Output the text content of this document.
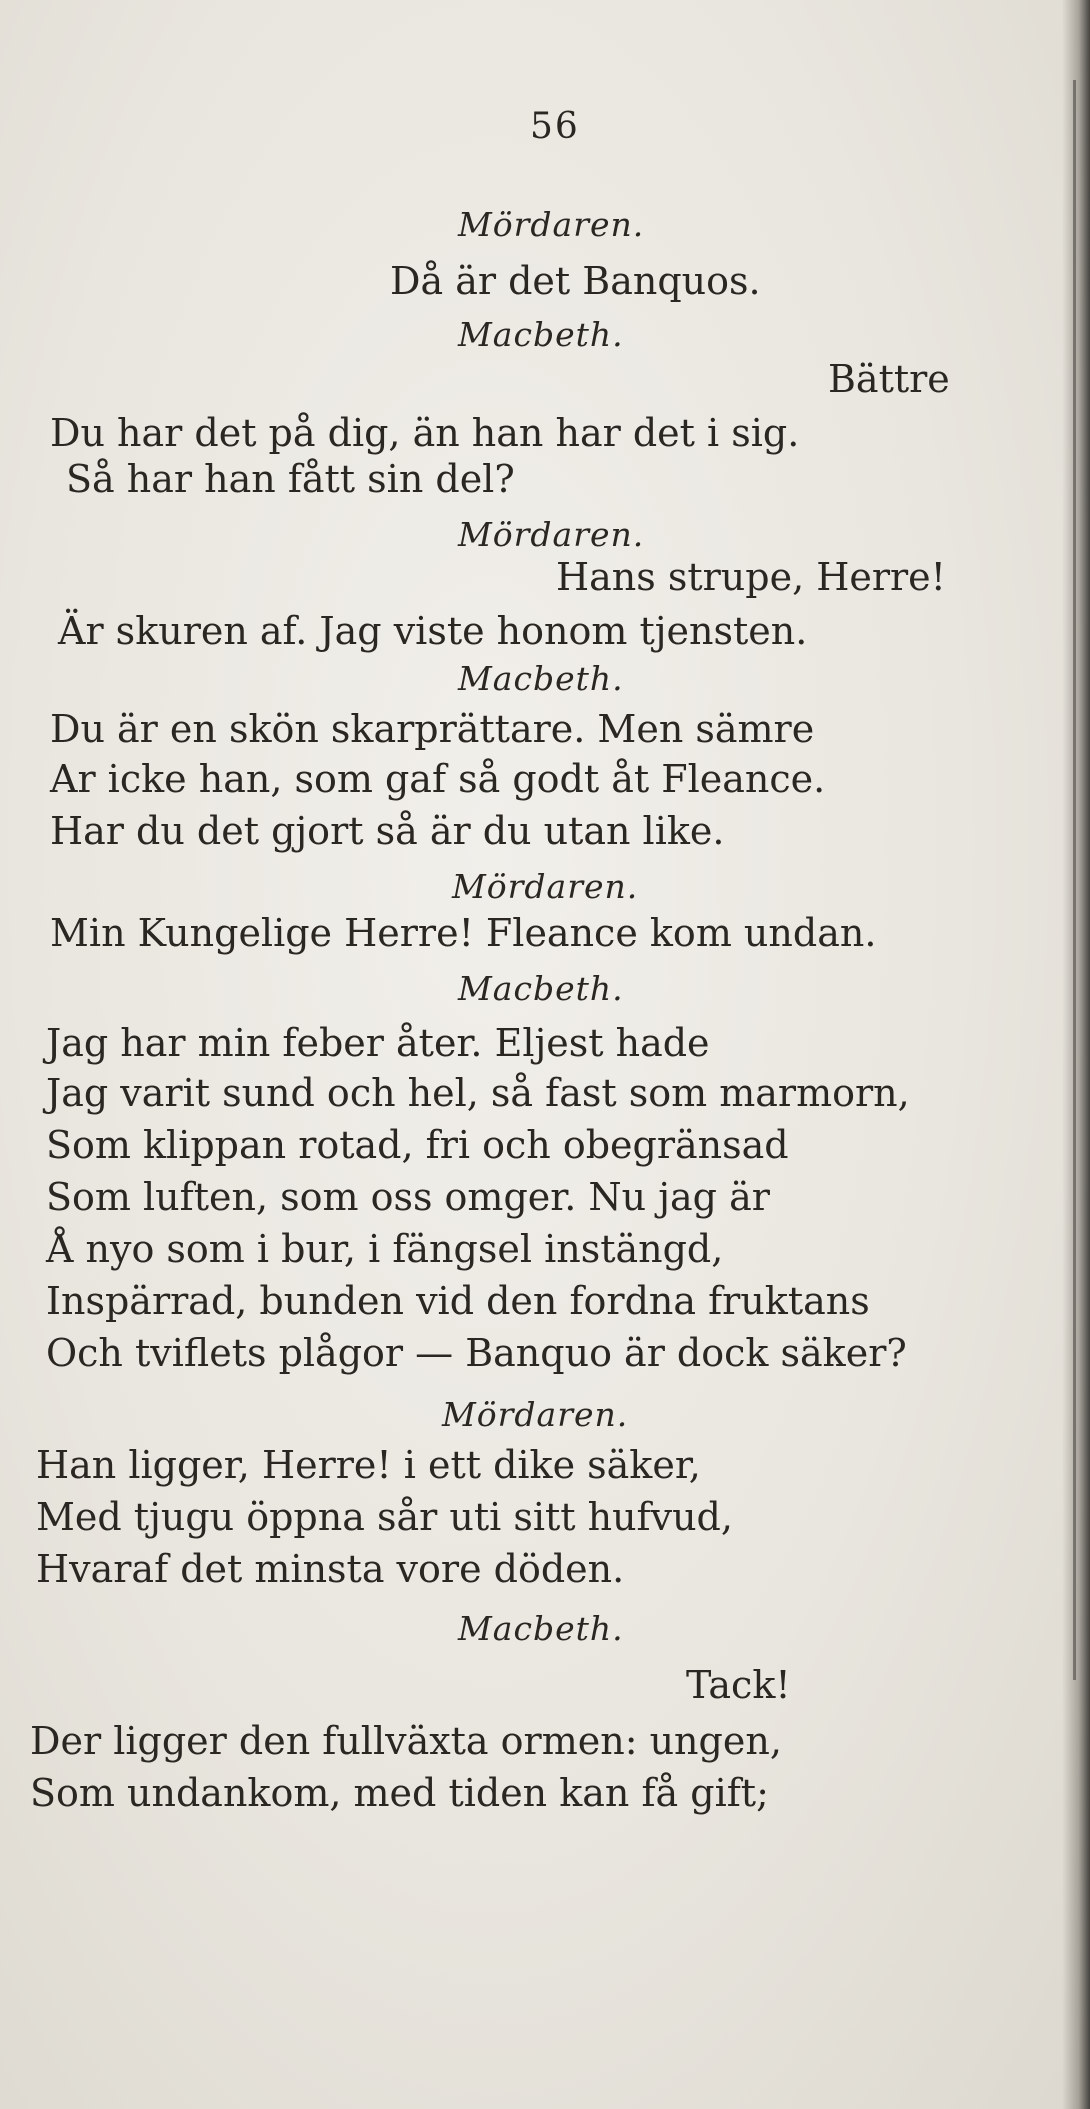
56
Mördaren.
Då är det Banquos.
Macbeth.
Bättre
Du har det på dig, än han har det i sig.
Så har han fått sin del?
Mördaren.
Hans strupe, Herre!
Är skuren af. Jag viste honom tjensten.
Macbeth.
Du är en skön skarprättare. Men sämre
Ar icke han, som gaf så godt åt Fleance.
Har du det gjort så är du utan like.
Mördaren.
Min Kungelige Herre! Fleance kom undan.
Macbeth.
Jag har min feber åter. Eljest hade
Jag varit sund och hel, så fast som marmorn,
Som klippan rotad, fri och obegränsad
Som luften, som oss omger. Nu jag är
Å nyo som i bur, i fängsel instängd,
Inspärrad, bunden vid den fordna fruktans
Och tviflets plågor — Banquo är dock säker?
Mördaren.
Han ligger, Herre! i ett dike säker,
Med tjugu öppna sår uti sitt hufvud,
Hvaraf det minsta vore döden.
Macbeth.
Tack!
Der ligger den fullväxta ormen: ungen,
Som undankom, med tiden kan få gift;
